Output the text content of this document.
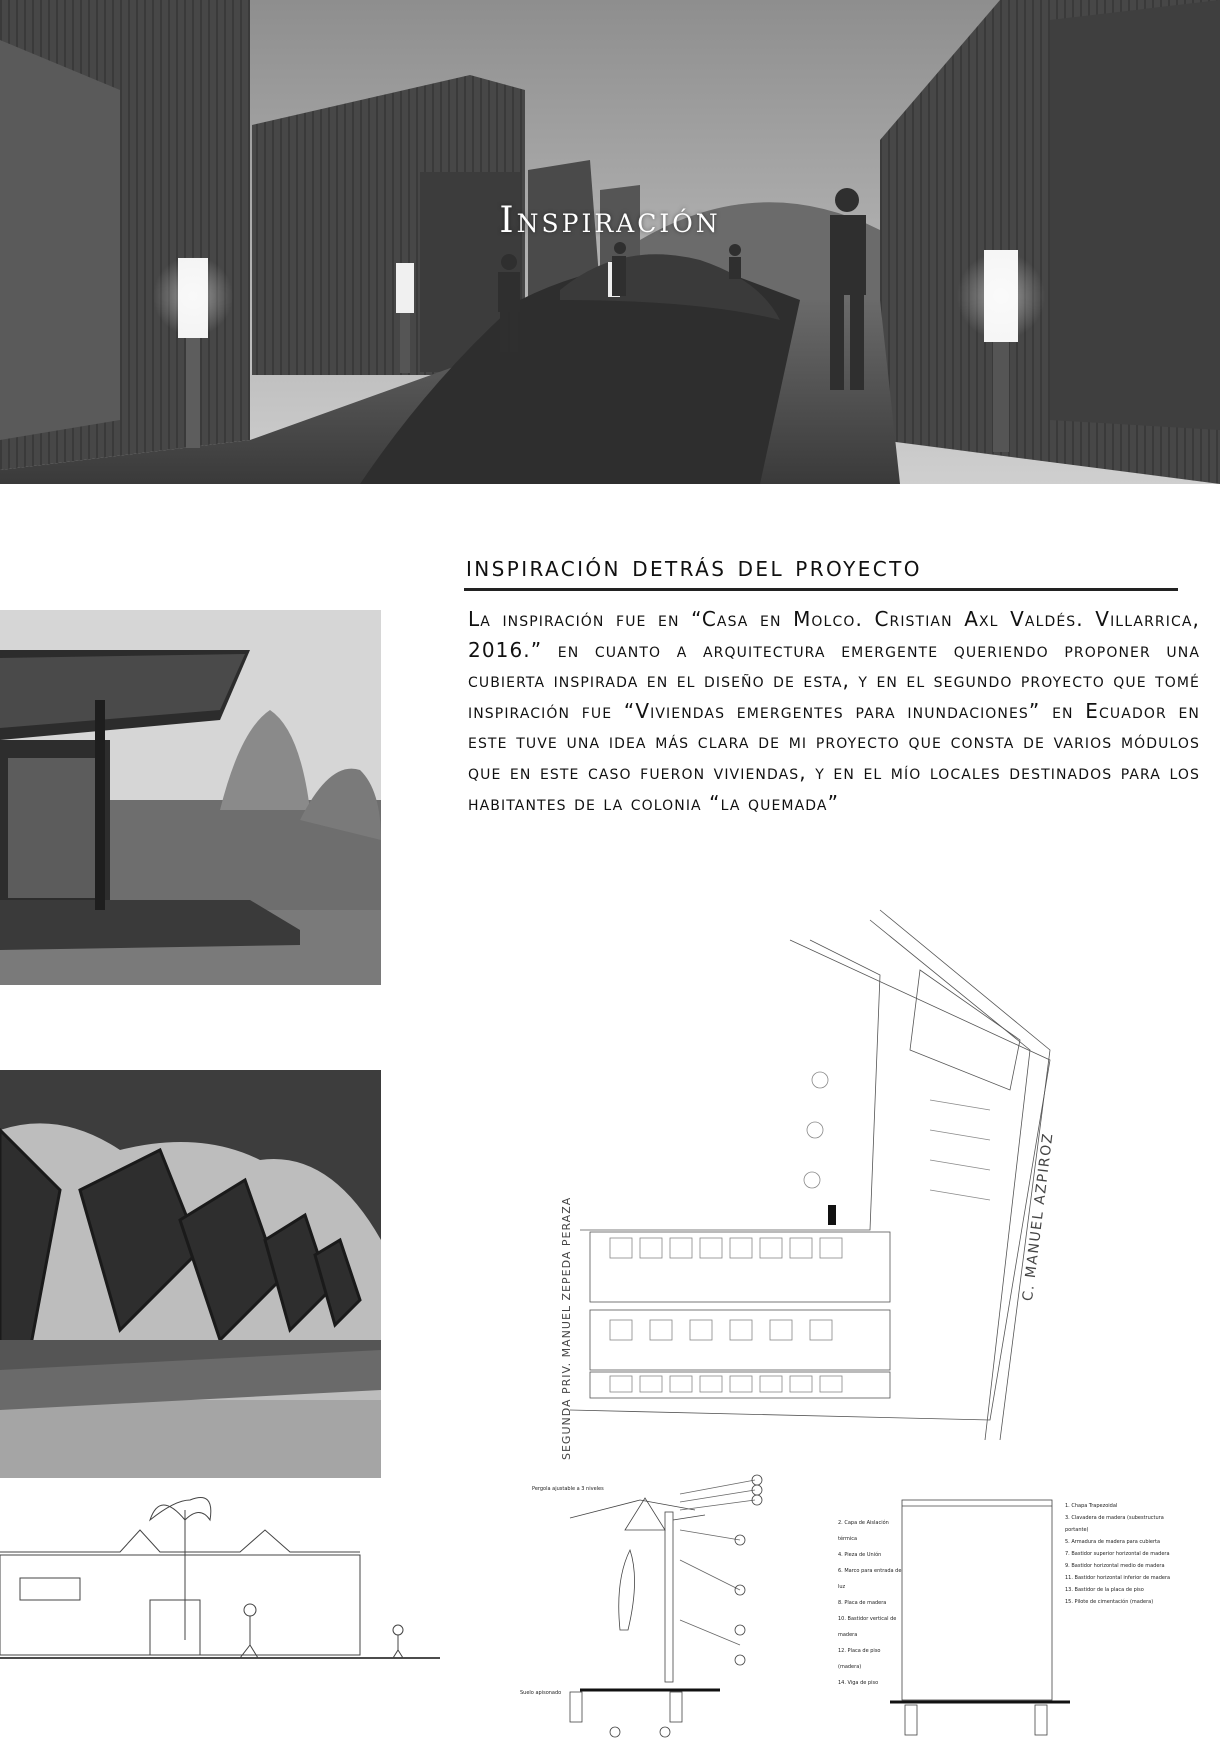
Inspiración
inspiración detrás del proyecto
La inspiración fue en “Casa en Molco. Cristian Axl Valdés. Villarrica, 2016.” en cuanto a arquitectura emergente queriendo proponer una cubierta inspirada en el diseño de esta, y en el segundo proyecto que tomé inspiración fue “Viviendas emergentes para inundaciones” en Ecuador en este tuve una idea más clara de mi proyecto que consta de varios módulos que en este caso fueron viviendas, y en el mío locales destinados para los habitantes de la colonia “la quemada”
SEGUNDA PRIV. MANUEL ZEPEDA PERAZA	C. MANUEL AZPIROZ
Pergola ajustable a 3 niveles
Suelo apisonado
1. Chapa Trapezoidal
3. Clavadera de madera (subestructura portante)
5. Armadura de madera para cubierta
7. Bastidor superior horizontal de madera
9. Bastidor horizontal medio de madera
11. Bastidor horizontal inferior de madera
13. Bastidor de la placa de piso
15. Pilote de cimentación (madera)
2. Capa de Aislación térmica
4. Pieza de Unión
6. Marco para entrada de luz
8. Placa de madera
10. Bastidor vertical de madera
12. Placa de piso (madera)
14. Viga de piso
